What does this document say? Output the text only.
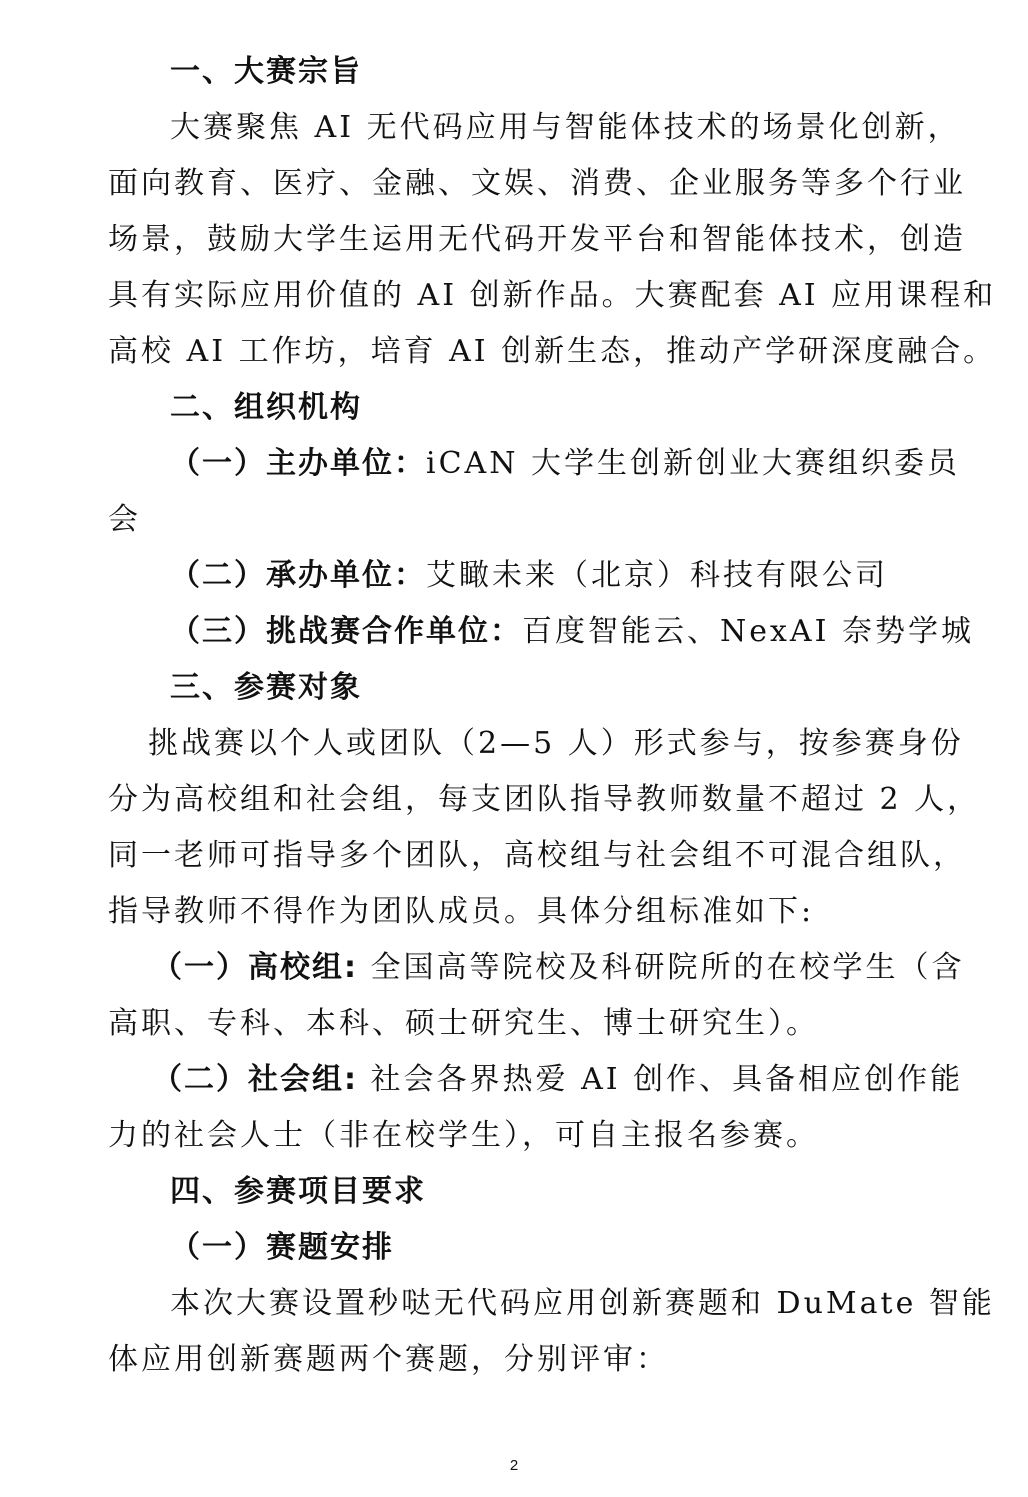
一、大赛宗旨
大赛聚焦 AI 无代码应用与智能体技术的场景化创新，
面向教育、医疗、金融、文娱、消费、企业服务等多个行业
场景，鼓励大学生运用无代码开发平台和智能体技术，创造
具有实际应用价值的 AI 创新作品。大赛配套 AI 应用课程和
高校 AI 工作坊，培育 AI 创新生态，推动产学研深度融合。
二、组织机构
（一）主办单位：iCAN 大学生创新创业大赛组织委员
会
（二）承办单位：艾瞰未来（北京）科技有限公司
（三）挑战赛合作单位：百度智能云、NexAI 奈势学城
三、参赛对象
挑战赛以个人或团队（2—5 人）形式参与，按参赛身份
分为高校组和社会组，每支团队指导教师数量不超过 2 人，
同一老师可指导多个团队，高校组与社会组不可混合组队，
指导教师不得作为团队成员。具体分组标准如下:
（一）高校组: 全国高等院校及科研院所的在校学生（含
高职、专科、本科、硕士研究生、博士研究生）。
（二）社会组: 社会各界热爱 AI 创作、具备相应创作能
力的社会人士（非在校学生），可自主报名参赛。
四、参赛项目要求
（一）赛题安排
本次大赛设置秒哒无代码应用创新赛题和 DuMate 智能
体应用创新赛题两个赛题，分别评审：
2
